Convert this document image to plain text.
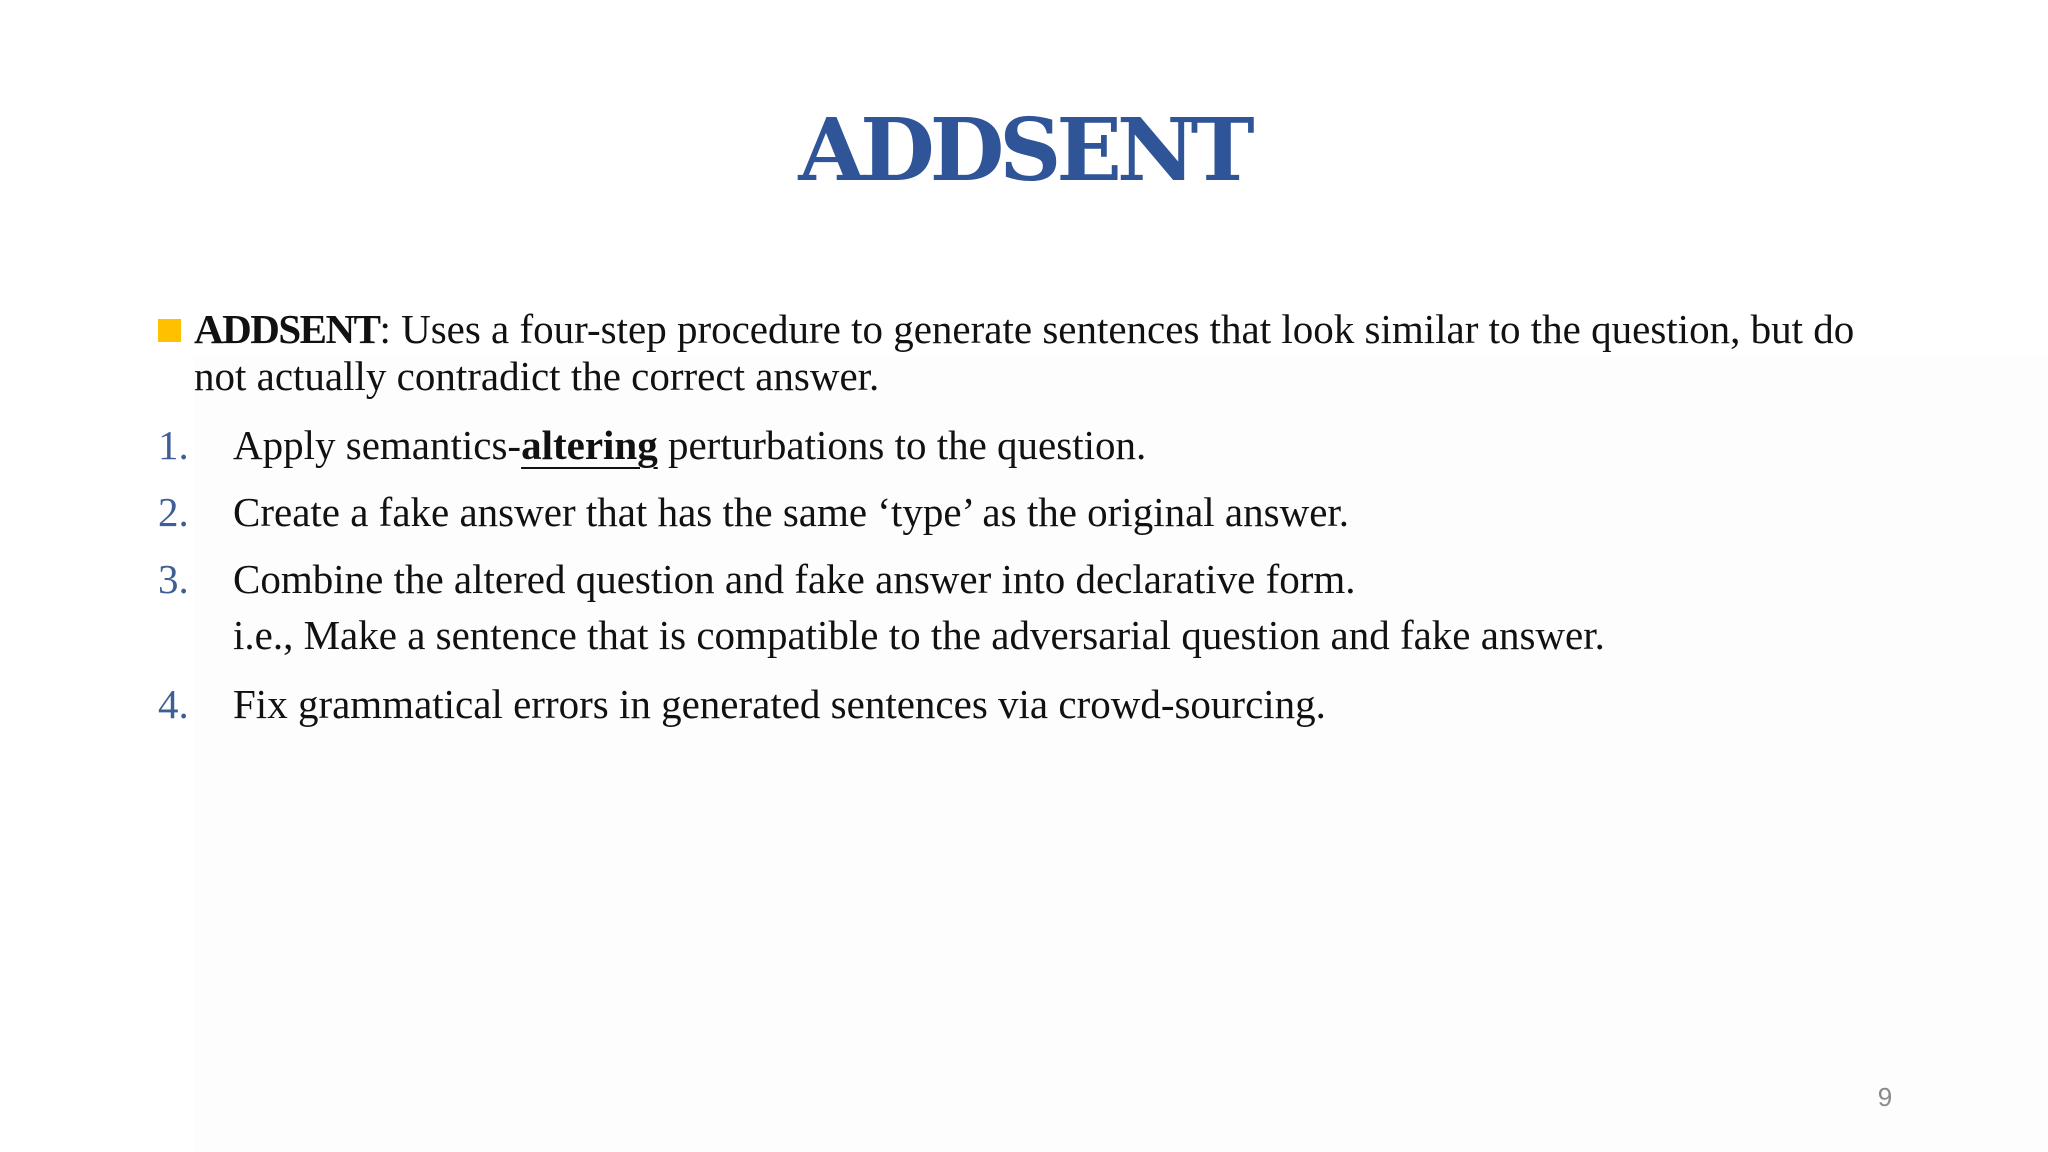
ADDSENT
ADDSENT: Uses a four-step procedure to generate sentences that look similar to the question, but do not actually contradict the correct answer.
1.	Apply semantics-altering perturbations to the question.
2.	Create a fake answer that has the same ‘type’ as the original answer.
3.	Combine the altered question and fake answer into declarative form.
i.e., Make a sentence that is compatible to the adversarial question and fake answer.
4.	Fix grammatical errors in generated sentences via crowd-sourcing.
9
